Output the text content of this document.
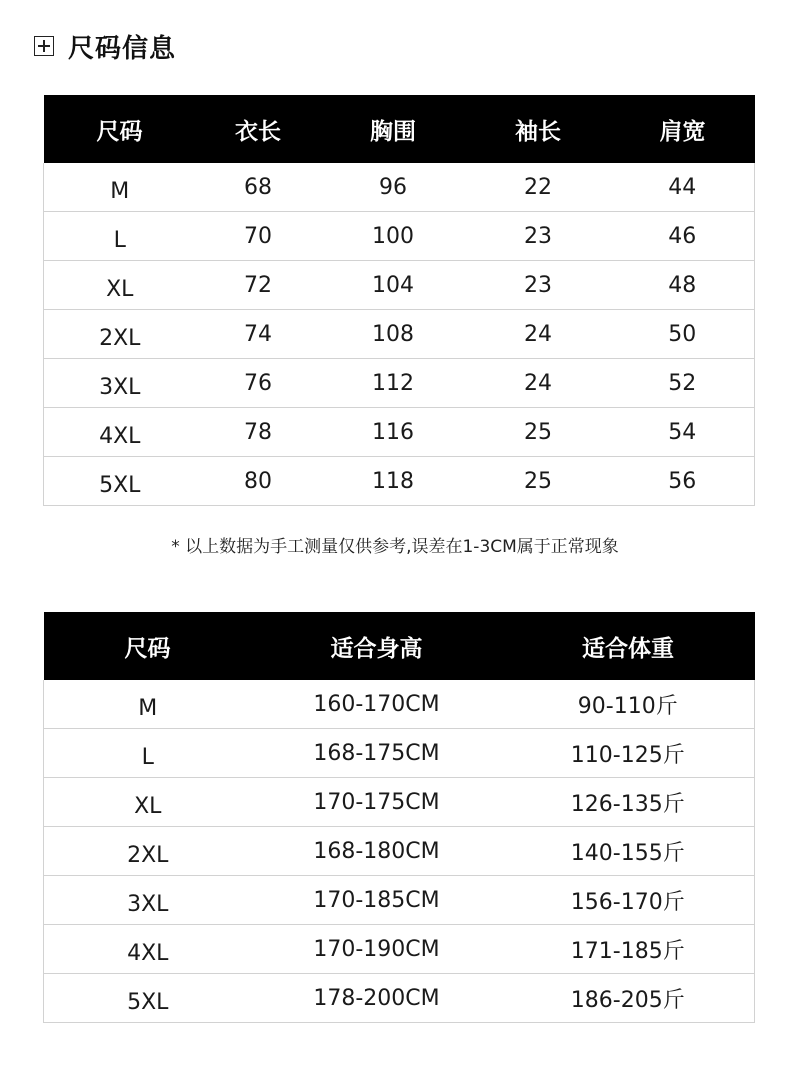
尺码信息
尺码	衣长	胸围	袖长	肩宽
M	68	96	22	44
L	70	100	23	46
XL	72	104	23	48
2XL	74	108	24	50
3XL	76	112	24	52
4XL	78	116	25	54
5XL	80	118	25	56
* 以上数据为手工测量仅供参考,误差在1-3CM属于正常现象
尺码	适合身高	适合体重
M	160-170CM	90-110斤
L	168-175CM	110-125斤
XL	170-175CM	126-135斤
2XL	168-180CM	140-155斤
3XL	170-185CM	156-170斤
4XL	170-190CM	171-185斤
5XL	178-200CM	186-205斤
